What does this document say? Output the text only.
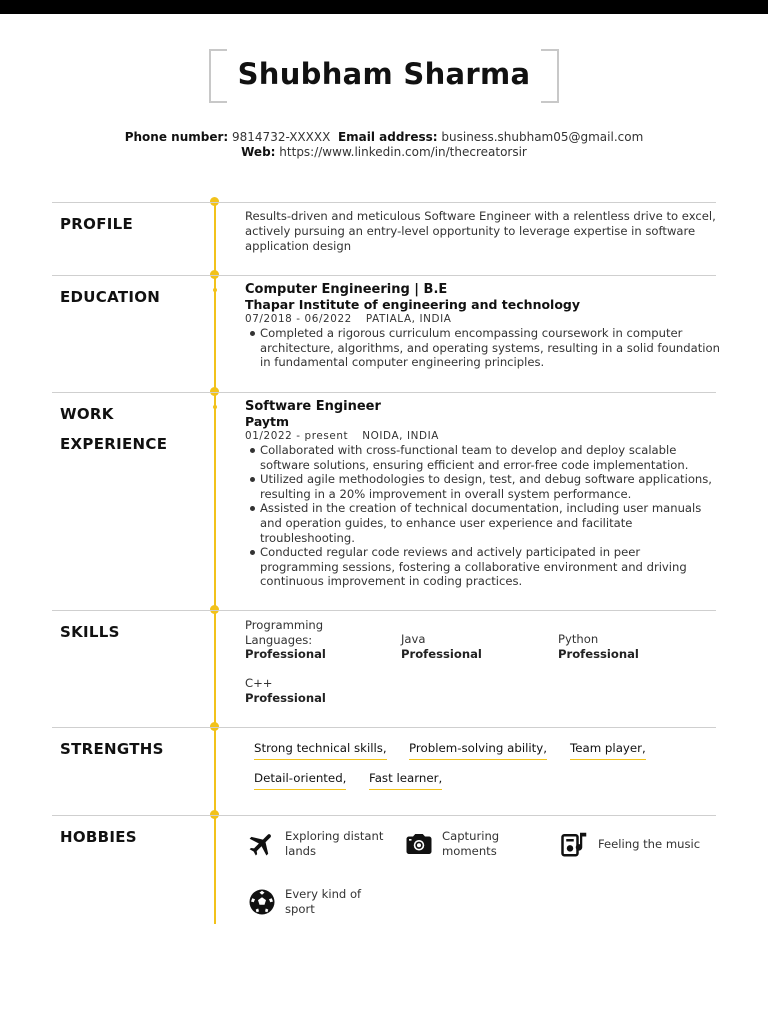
Shubham Sharma
Phone number: 9814732-XXXXX Email address: business.shubham05@gmail.com
Web: https://www.linkedin.com/in/thecreatorsir
PROFILE	Results-driven and meticulous Software Engineer with a relentless drive to excel, actively pursuing an entry-level opportunity to leverage expertise in software application design
EDUCATION	Computer Engineering | B.E
Thapar Institute of engineering and technology
07/2018 - 06/2022 PATIALA, INDIA
Completed a rigorous curriculum encompassing coursework in computer architecture, algorithms, and operating systems, resulting in a solid foundation in fundamental computer engineering principles.
WORK
EXPERIENCE
Software Engineer
Paytm
01/2022 - present NOIDA, INDIA
Collaborated with cross-functional team to develop and deploy scalable software solutions, ensuring efficient and error-free code implementation.
Utilized agile methodologies to design, test, and debug software applications, resulting in a 20% improvement in overall system performance.
Assisted in the creation of technical documentation, including user manuals and operation guides, to enhance user experience and facilitate troubleshooting.
Conducted regular code reviews and actively participated in peer programming sessions, fostering a collaborative environment and driving continuous improvement in coding practices.
SKILLS	Programming Languages:
Professional
Java
Professional
Python
Professional
C++
Professional
STRENGTHS	Strong technical skills, Problem-solving ability, Team player,
Detail-oriented, Fast learner,
HOBBIES	Exploring distant lands
Capturing moments
Feeling the music
Every kind of sport
